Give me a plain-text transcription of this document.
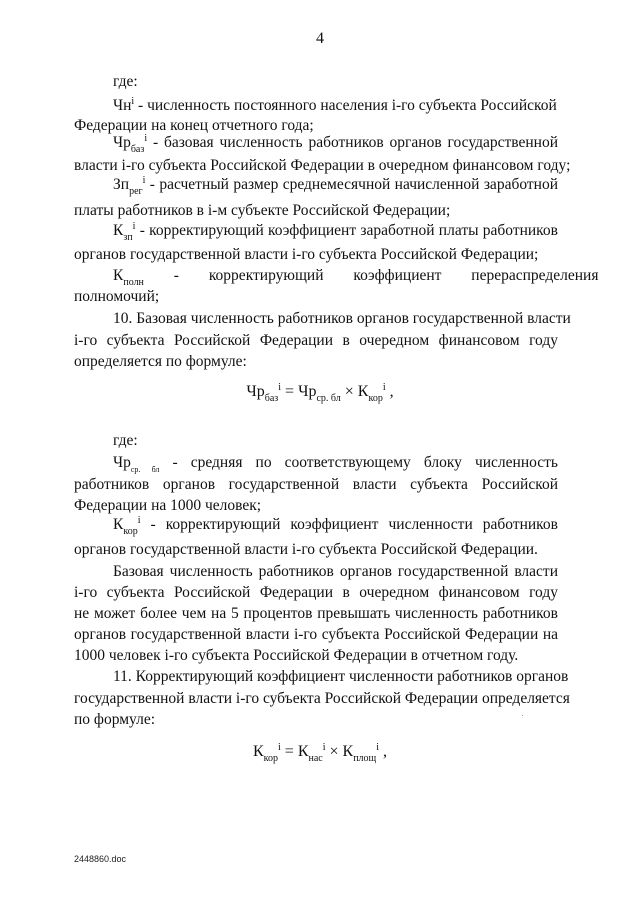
4
где:
$Чн^i$ - численность постоянного населения i-го субъекта Российской
Федерации на конец отчетного года;
$Чр_{баз}^i$ - базовая численность работников органов государственной
власти i-го субъекта Российской Федерации в очередном финансовом году;
$Зп_{рег}^i$ - расчетный размер среднемесячной начисленной заработной
платы работников в i-м субъекте Российской Федерации;
$К_{зп}^i$ - корректирующий коэффициент заработной платы работников
органов государственной власти i-го субъекта Российской Федерации;
$К_{полн}$ - корректирующий коэффициент перераспределения
полномочий;
10. Базовая численность работников органов государственной власти
i-го субъекта Российской Федерации в очередном финансовом году
определяется по формуле:
$Чр_{баз}^i = Чр_{ср. бл} \times К_{кор}^i$ ,
где:
$Чр_{ср. бл}$ - средняя по соответствующему блоку численность
работников органов государственной власти субъекта Российской
Федерации на 1000 человек;
$К_{кор}^i$ - корректирующий коэффициент численности работников
органов государственной власти i-го субъекта Российской Федерации.
Базовая численность работников органов государственной власти
i-го субъекта Российской Федерации в очередном финансовом году
не может более чем на 5 процентов превышать численность работников
органов государственной власти i-го субъекта Российской Федерации на
1000 человек i-го субъекта Российской Федерации в отчетном году.
11. Корректирующий коэффициент численности работников органов
государственной власти i-го субъекта Российской Федерации определяется
по формуле:
$К_{кор}^i = К_{нас}^i \times К_{площ}^i$ ,
2448860.doc
